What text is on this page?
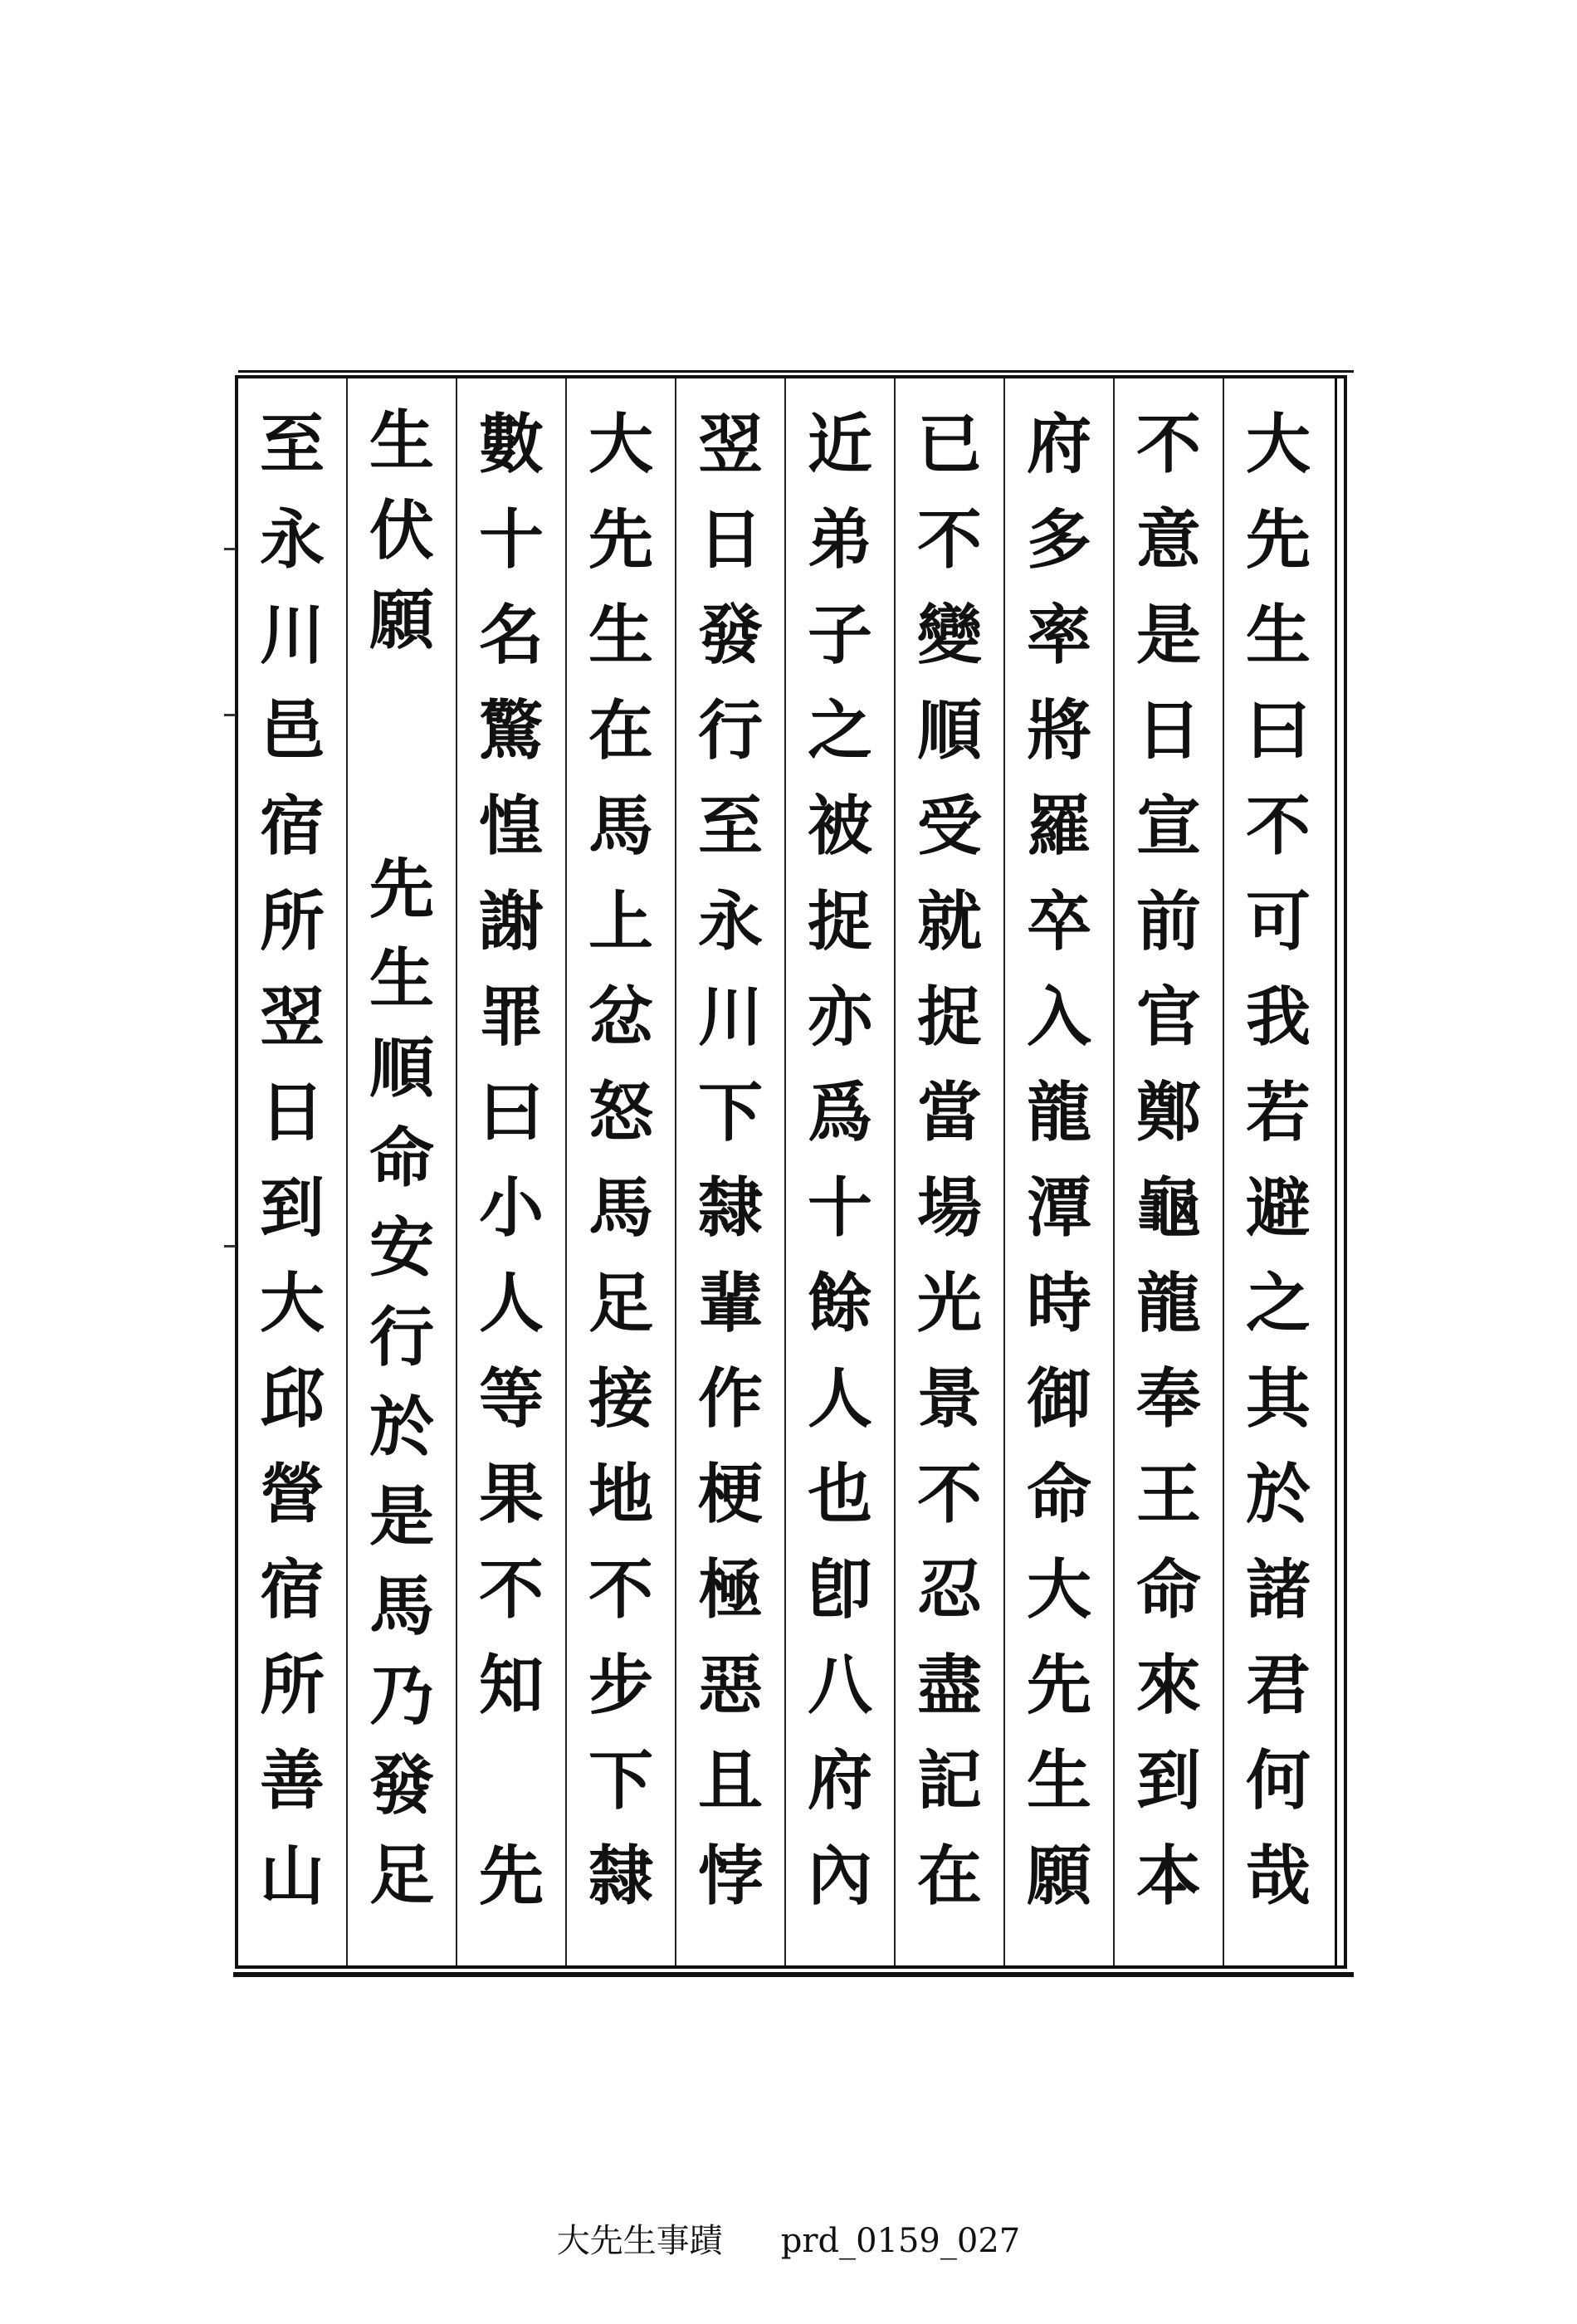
大
先
生
曰
不
可
我
若
避
之
其
於
諸
君
何
哉
不
意
是
日
宣
前
官
鄭
龜
龍
奉
王
命
來
到
本
府
多
率
將
羅
卒
入
龍
潭
時
御
命
大
先
生
願
已
不
變
順
受
就
捉
當
場
光
景
不
忍
盡
記
在
近
弟
子
之
被
捉
亦
爲
十
餘
人
也
卽
八
府
內
翌
日
發
行
至
永
川
下
隸
輩
作
梗
極
惡
且
悖
大
先
生
在
馬
上
忿
怒
馬
足
接
地
不
步
下
隸
數
十
名
驚
惶
謝
罪
曰
小
人
等
果
不
知
先
生
伏
願
先
生
順
命
安
行
於
是
馬
乃
發
足
至
永
川
邑
宿
所
翌
日
到
大
邱
營
宿
所
善
山
大先生事蹟 prd_0159_027
